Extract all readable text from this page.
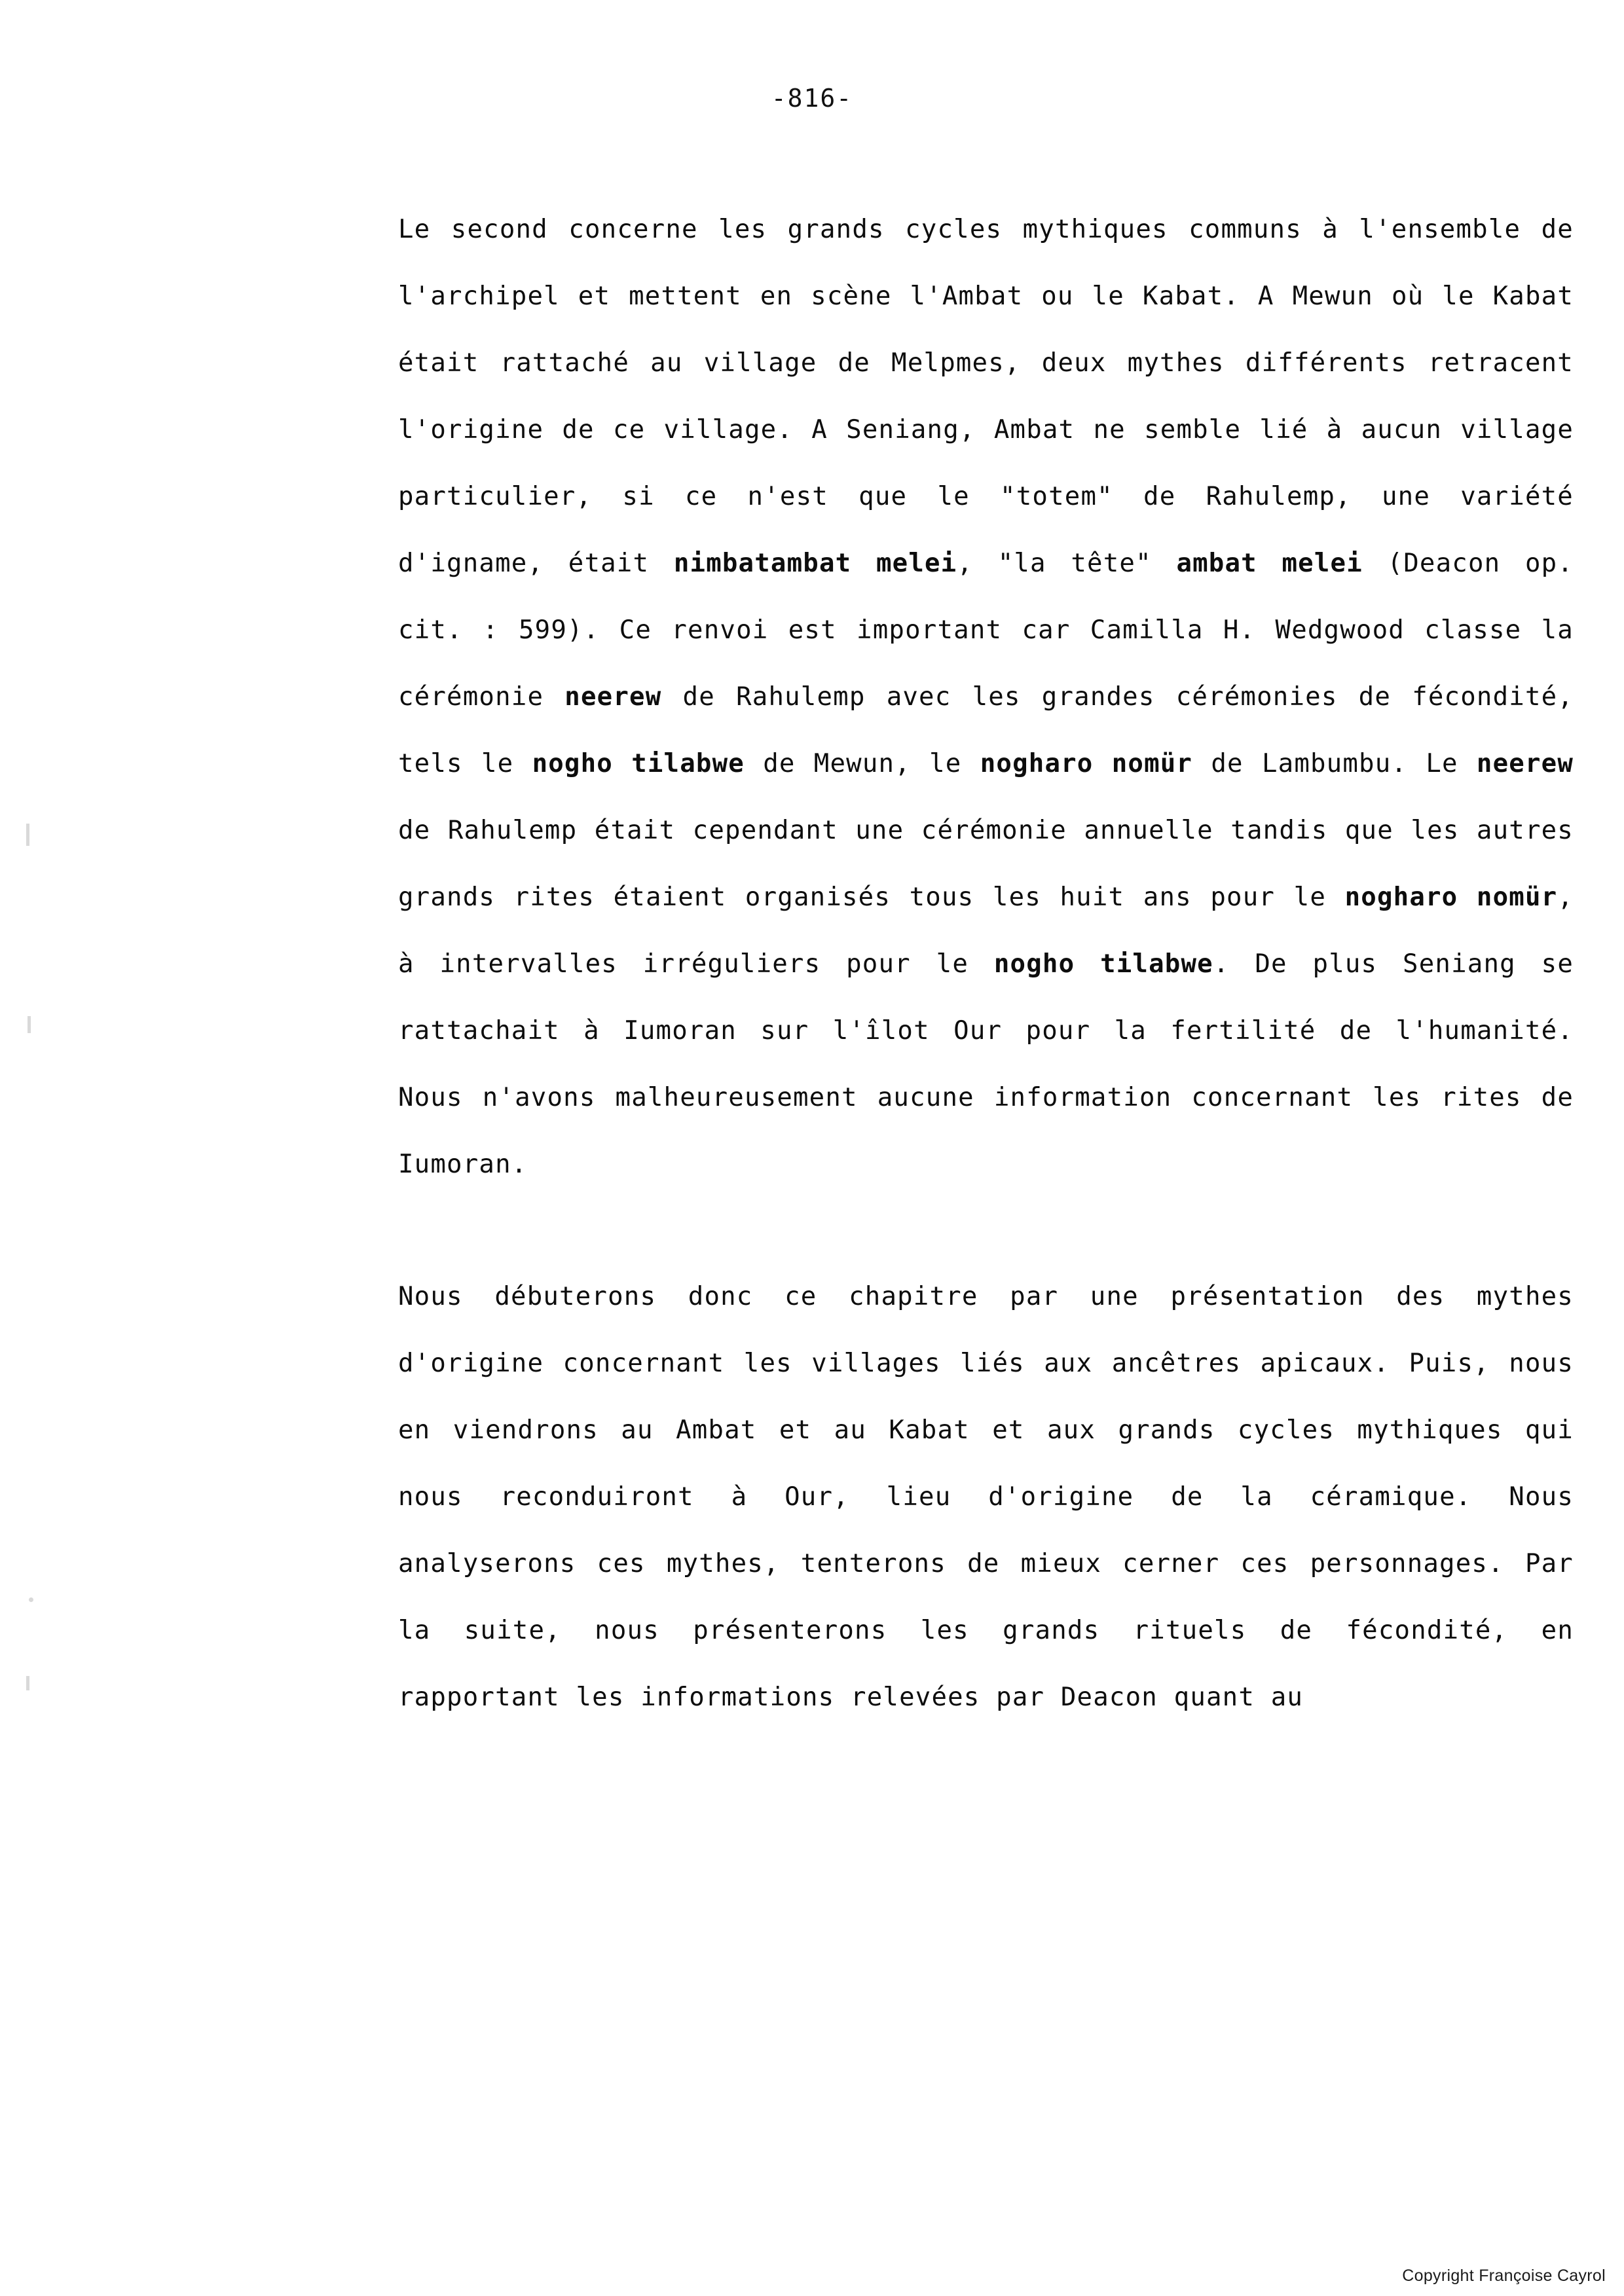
-816-

Le second concerne les grands cycles mythiques communs à l'ensemble de l'archipel et mettent en scène l'Ambat ou le Kabat. A Mewun où le Kabat était rattaché au village de Melpmes, deux mythes différents retracent l'origine de ce village. A Seniang, Ambat ne semble lié à aucun village particulier, si ce n'est que le "totem" de Rahulemp, une variété d'igname, était nimbatambat melei, "la tête" ambat melei (Deacon op. cit. : 599). Ce renvoi est important car Camilla H. Wedgwood classe la cérémonie neerew de Rahulemp avec les grandes cérémonies de fécondité, tels le nogho tilabwe de Mewun, le nogharo nomür de Lambumbu. Le neerew de Rahulemp était cependant une cérémonie annuelle tandis que les autres grands rites étaient organisés tous les huit ans pour le nogharo nomür, à intervalles irréguliers pour le nogho tilabwe. De plus Seniang se rattachait à Iumoran sur l'îlot Our pour la fertilité de l'humanité. Nous n'avons malheureusement aucune information concernant les rites de Iumoran.

Nous débuterons donc ce chapitre par une présentation des mythes d'origine concernant les villages liés aux ancêtres apicaux. Puis, nous en viendrons au Ambat et au Kabat et aux grands cycles mythiques qui nous reconduiront à Our, lieu d'origine de la céramique. Nous analyserons ces mythes, tenterons de mieux cerner ces personnages. Par la suite, nous présenterons les grands rituels de fécondité, en rapportant les informations relevées par Deacon quant au

Copyright Françoise Cayrol
